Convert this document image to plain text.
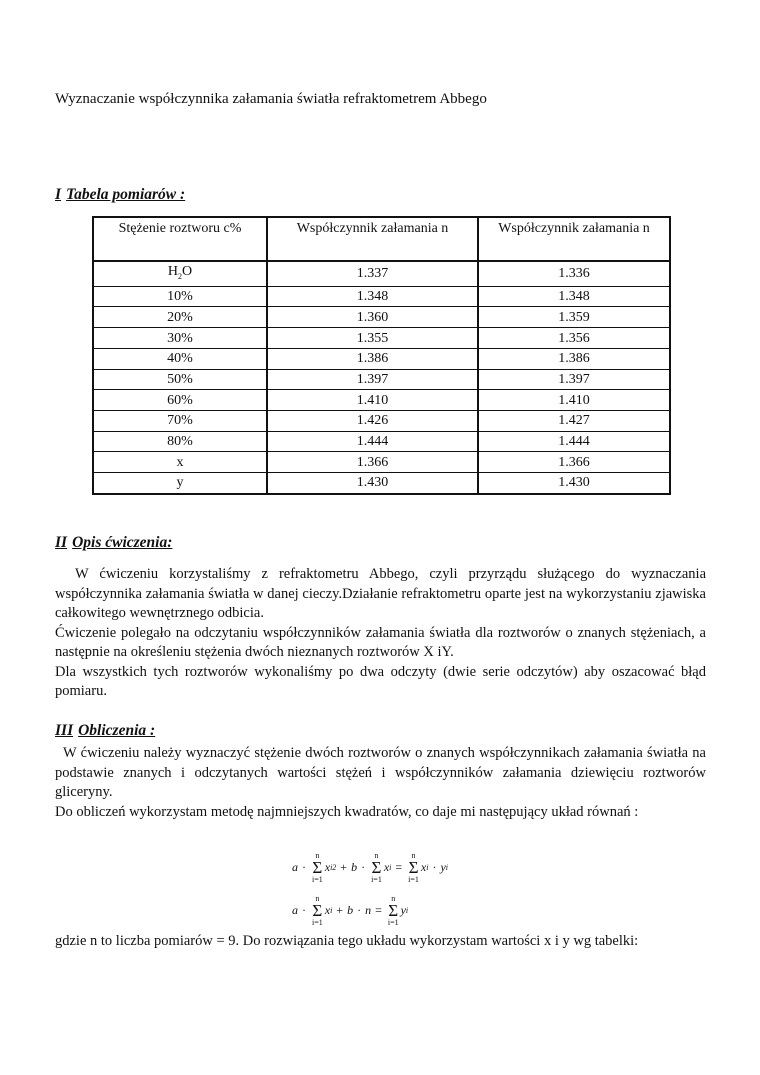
Wyznaczanie współczynnika załamania światła refraktometrem Abbego
I Tabela pomiarów :
Stężenie roztworu c%	Współczynnik załamania n	Współczynnik załamania n
$H_2O$	1.337	1.336
10%	1.348	1.348
20%	1.360	1.359
30%	1.355	1.356
40%	1.386	1.386
50%	1.397	1.397
60%	1.410	1.410
70%	1.426	1.427
80%	1.444	1.444
x	1.366	1.366
y	1.430	1.430
II Opis ćwiczenia:

W ćwiczeniu korzystaliśmy z refraktometru Abbego, czyli przyrządu służącego do wyznaczania współczynnika załamania światła w danej cieczy.Działanie refraktometru oparte jest na wykorzystaniu zjawiska całkowitego wewnętrznego odbicia.

Ćwiczenie polegało na odczytaniu współczynników załamania światła dla roztworów o znanych stężeniach, a następnie na określeniu stężenia dwóch nieznanych roztworów X iY.

Dla wszystkich tych roztworów wykonaliśmy po dwa odczyty (dwie serie odczytów) aby oszacować błąd pomiaru.

III Obliczenia :

W ćwiczeniu należy wyznaczyć stężenie dwóch roztworów o znanych współczynnikach załamania światła na podstawie znanych i odczytanych wartości stężeń i współczynników załamania dziewięciu roztworów gliceryny.

Do obliczeń wykorzystam metodę najmniejszych kwadratów, co daje mi następujący układ równań :

a ·
n
Σ
i=1
x i 2 + b ·
n
Σ
i=1
x i =
n
Σ
i=1
x i · y i
a ·
n
Σ
i=1
x i + b · n =
n
Σ
i=1
y i

gdzie n to liczba pomiarów = 9. Do rozwiązania tego układu wykorzystam wartości x i y wg tabelki:
